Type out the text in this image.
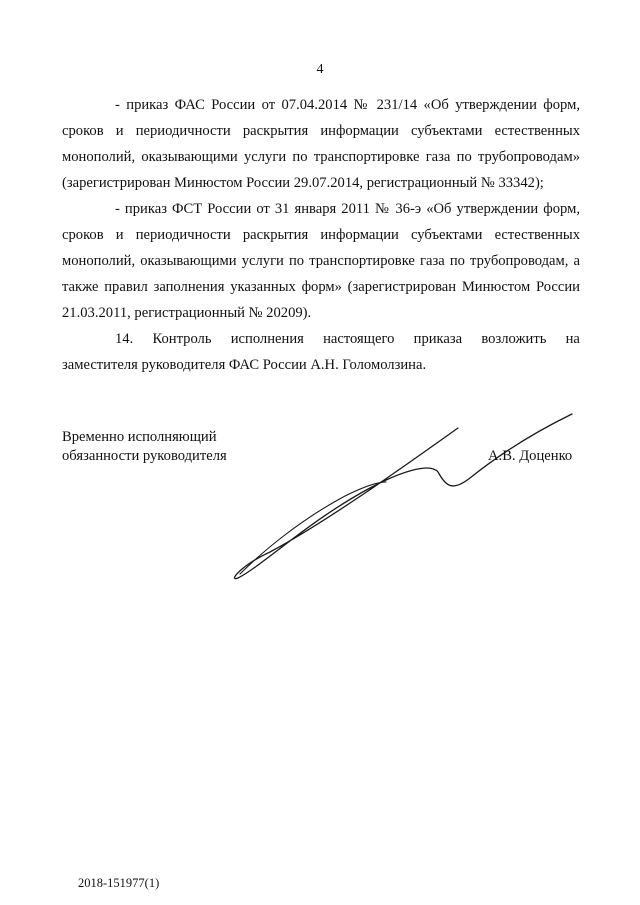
4

- приказ ФАС России от 07.04.2014 № 231/14 «Об утверждении форм, сроков и периодичности раскрытия информации субъектами естественных монополий, оказывающими услуги по транспортировке газа по трубопроводам» (зарегистрирован Минюстом России 29.07.2014, регистрационный № 33342);

- приказ ФСТ России от 31 января 2011 № 36-э «Об утверждении форм, сроков и периодичности раскрытия информации субъектами естественных монополий, оказывающими услуги по транспортировке газа по трубопроводам, а также правил заполнения указанных форм» (зарегистрирован Минюстом России 21.03.2011, регистрационный № 20209).

14. Контроль исполнения настоящего приказа возложить на

заместителя руководителя ФАС России А.Н. Голомолзина.

Временно исполняющий
обязанности руководителя	А.В. Доценко
2018-151977(1)
